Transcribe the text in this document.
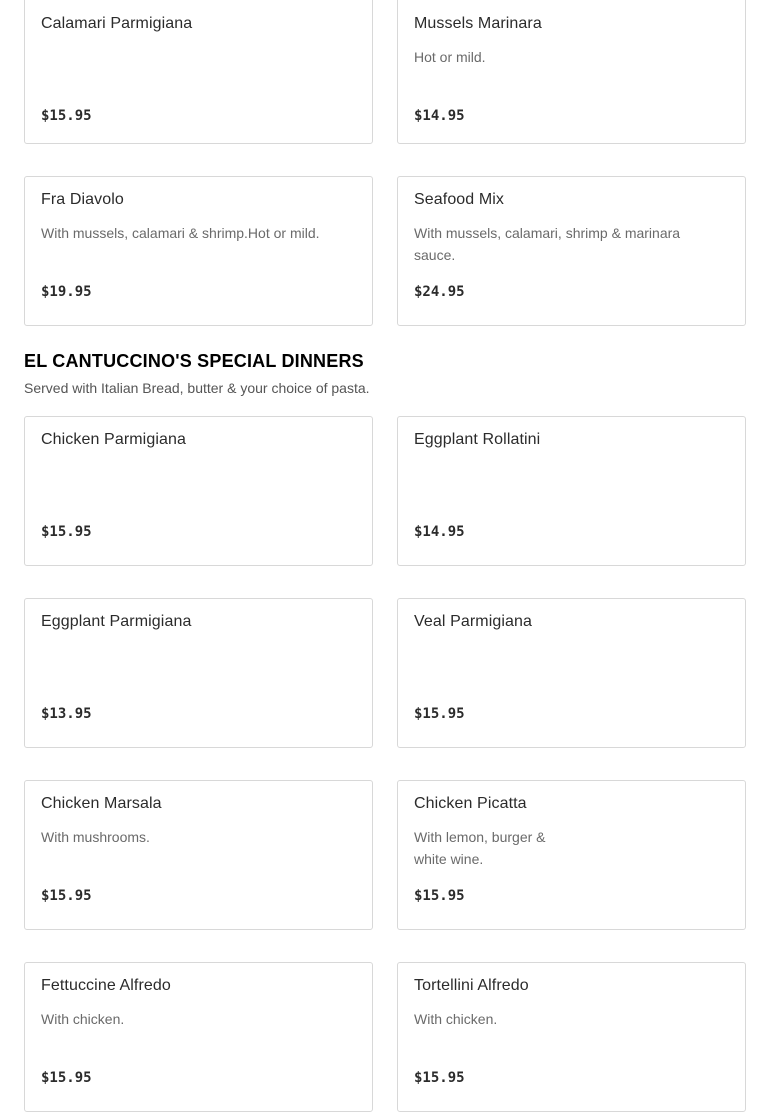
Calamari Parmigiana
$15.95
Mussels Marinara
Hot or mild.
$14.95
Fra Diavolo
With mussels, calamari & shrimp.Hot or mild.
$19.95
Seafood Mix
With mussels, calamari, shrimp & marinara sauce.
$24.95
EL CANTUCCINO'S SPECIAL DINNERS
Served with Italian Bread, butter & your choice of pasta.
Chicken Parmigiana
$15.95
Eggplant Rollatini
$14.95
Eggplant Parmigiana
$13.95
Veal Parmigiana
$15.95
Chicken Marsala
With mushrooms.
$15.95
Chicken Picatta
With lemon, burger & white wine.
$15.95
Fettuccine Alfredo
With chicken.
$15.95
Tortellini Alfredo
With chicken.
$15.95
